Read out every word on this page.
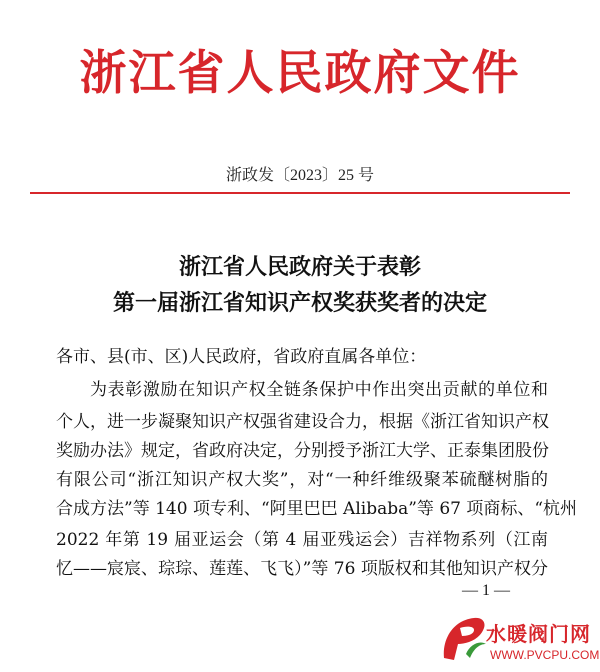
浙江省人民政府文件
浙政发〔2023〕25 号
浙江省人民政府关于表彰
第一届浙江省知识产权奖获奖者的决定
各市、县(市、区)人民政府，省政府直属各单位：
为表彰激励在知识产权全链条保护中作出突出贡献的单位和
个人，进一步凝聚知识产权强省建设合力，根据《浙江省知识产权
奖励办法》规定，省政府决定，分别授予浙江大学、正泰集团股份
有限公司“浙江知识产权大奖”，对“一种纤维级聚苯硫醚树脂的
合成方法”等 140 项专利、“阿里巴巴 Alibaba”等 67 项商标、“杭州
2022 年第 19 届亚运会（第 4 届亚残运会）吉祥物系列（江南
忆——宸宸、琮琮、莲莲、飞飞）”等 76 项版权和其他知识产权分
— 1 —
水暖阀门网
WWW.PVCPU.COM
